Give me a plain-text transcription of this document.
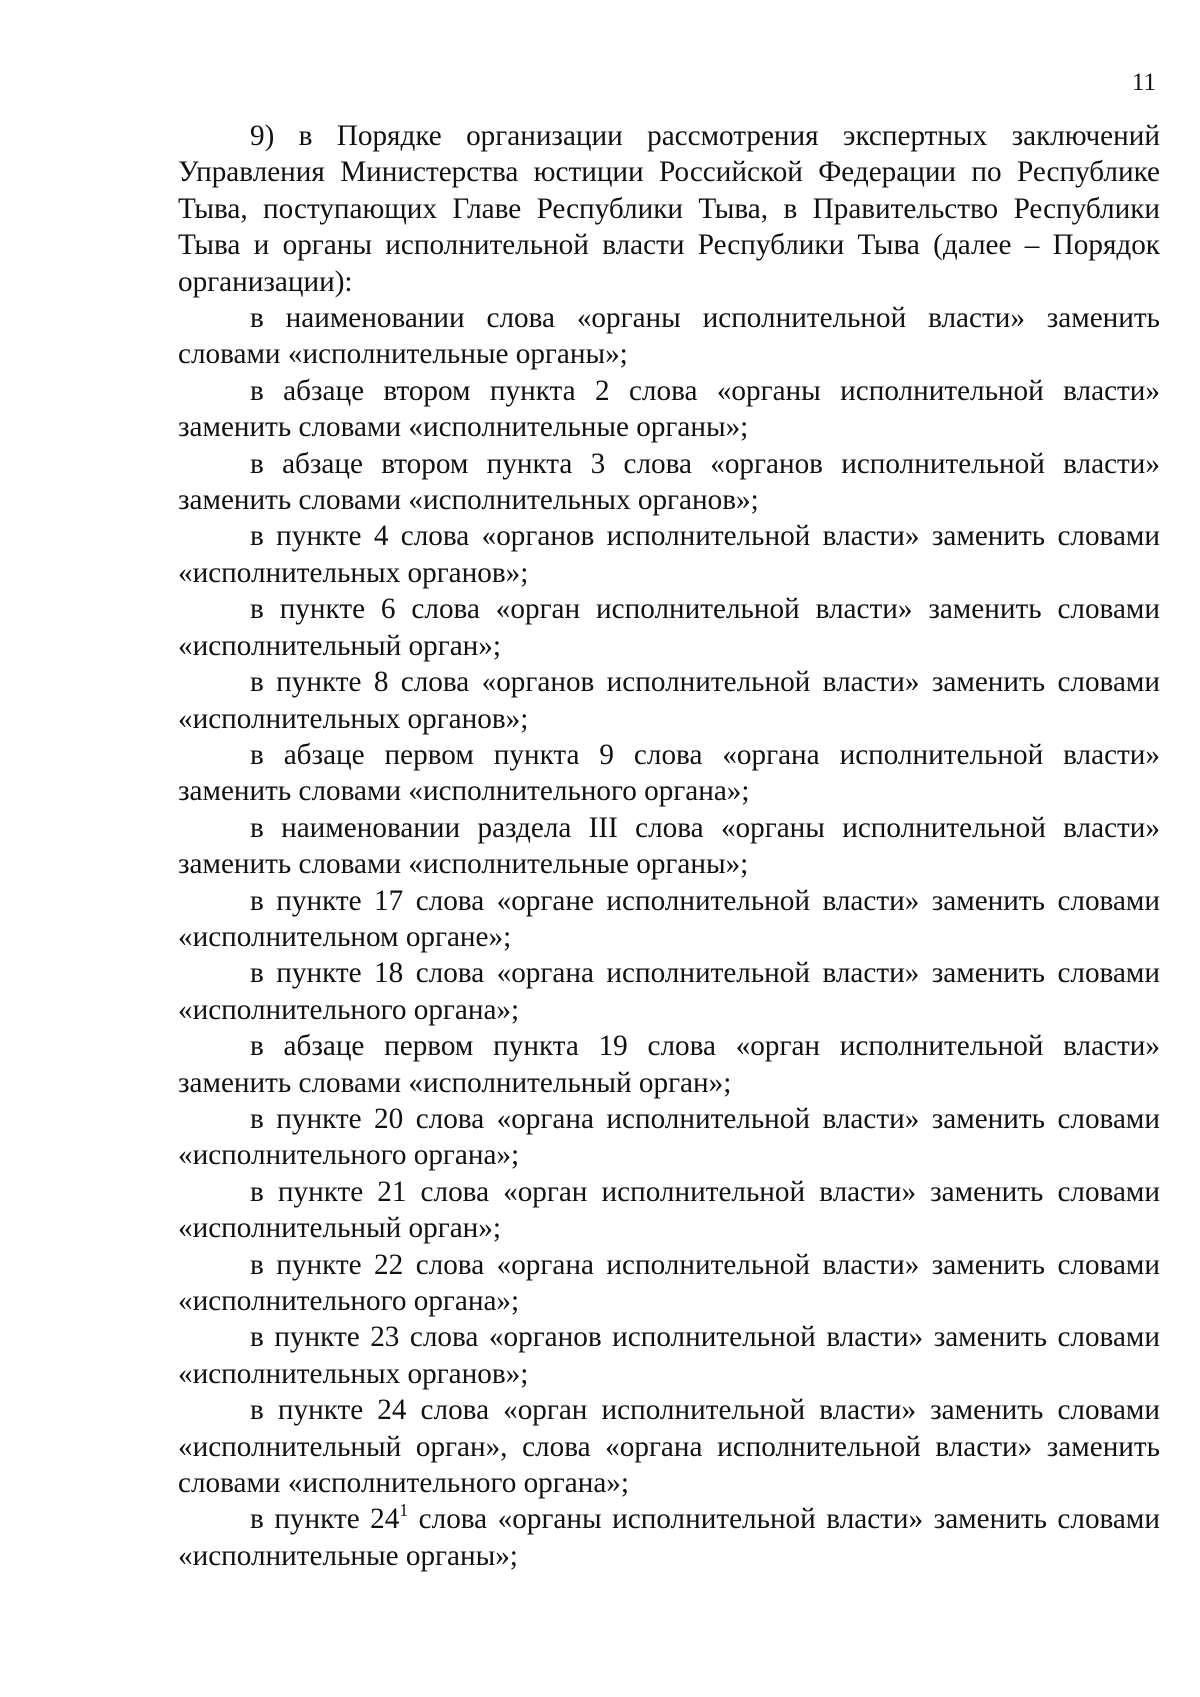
11

9) в Порядке организации рассмотрения экспертных заключений Управления Министерства юстиции Российской Федерации по Республике Тыва, поступающих Главе Республики Тыва, в Правительство Республики Тыва и органы исполнительной власти Республики Тыва (далее – Порядок организации):

в наименовании слова «органы исполнительной власти» заменить словами «исполнительные органы»;

в абзаце втором пункта 2 слова «органы исполнительной власти» заменить словами «исполнительные органы»;

в абзаце втором пункта 3 слова «органов исполнительной власти» заменить словами «исполнительных органов»;

в пункте 4 слова «органов исполнительной власти» заменить словами «исполнительных органов»;

в пункте 6 слова «орган исполнительной власти» заменить словами «исполнительный орган»;

в пункте 8 слова «органов исполнительной власти» заменить словами «исполнительных органов»;

в абзаце первом пункта 9 слова «органа исполнительной власти» заменить словами «исполнительного органа»;

в наименовании раздела III слова «органы исполнительной власти» заменить словами «исполнительные органы»;

в пункте 17 слова «органе исполнительной власти» заменить словами «исполнительном органе»;

в пункте 18 слова «органа исполнительной власти» заменить словами «исполнительного органа»;

в абзаце первом пункта 19 слова «орган исполнительной власти» заменить словами «исполнительный орган»;

в пункте 20 слова «органа исполнительной власти» заменить словами «исполнительного органа»;

в пункте 21 слова «орган исполнительной власти» заменить словами «исполнительный орган»;

в пункте 22 слова «органа исполнительной власти» заменить словами «исполнительного органа»;

в пункте 23 слова «органов исполнительной власти» заменить словами «исполнительных органов»;

в пункте 24 слова «орган исполнительной власти» заменить словами «исполнительный орган», слова «органа исполнительной власти» заменить словами «исполнительного органа»;

в пункте $24^1$ слова «органы исполнительной власти» заменить словами «исполнительные органы»;
